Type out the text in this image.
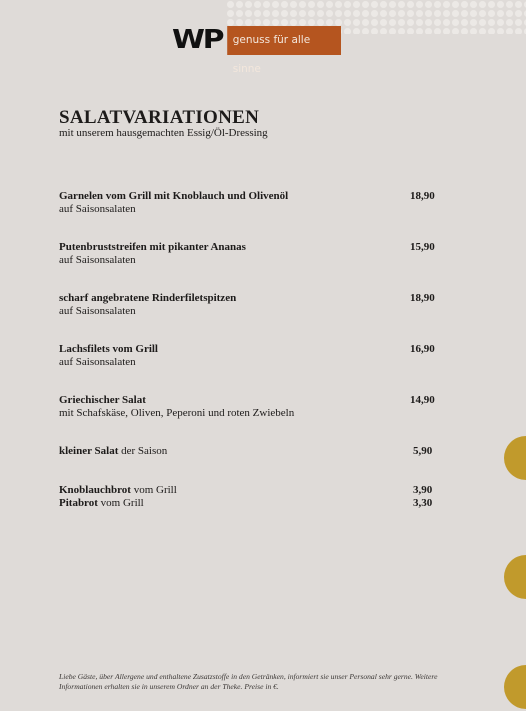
WP genuss für alle sinne
SALATVARIATIONEN
mit unserem hausgemachten Essig/Öl-Dressing
Garnelen vom Grill mit Knoblauch und Olivenöl
auf Saisonsalaten
18,90
Putenbruststreifen mit pikanter Ananas
auf Saisonsalaten
15,90
scharf angebratene Rinderfiletspitzen
auf Saisonsalaten
18,90
Lachsfilets vom Grill
auf Saisonsalaten
16,90
Griechischer Salat
mit Schafskäse, Oliven, Peperoni und roten Zwiebeln
14,90
kleiner Salat der Saison	5,90
Knoblauchbrot vom Grill	3,90
Pitabrot vom Grill	3,30
Liebe Gäste, über Allergene und enthaltene Zusatzstoffe in den Getränken, informiert sie unser Personal sehr gerne. Weitere Informationen erhalten sie in unserem Ordner an der Theke. Preise in €.
